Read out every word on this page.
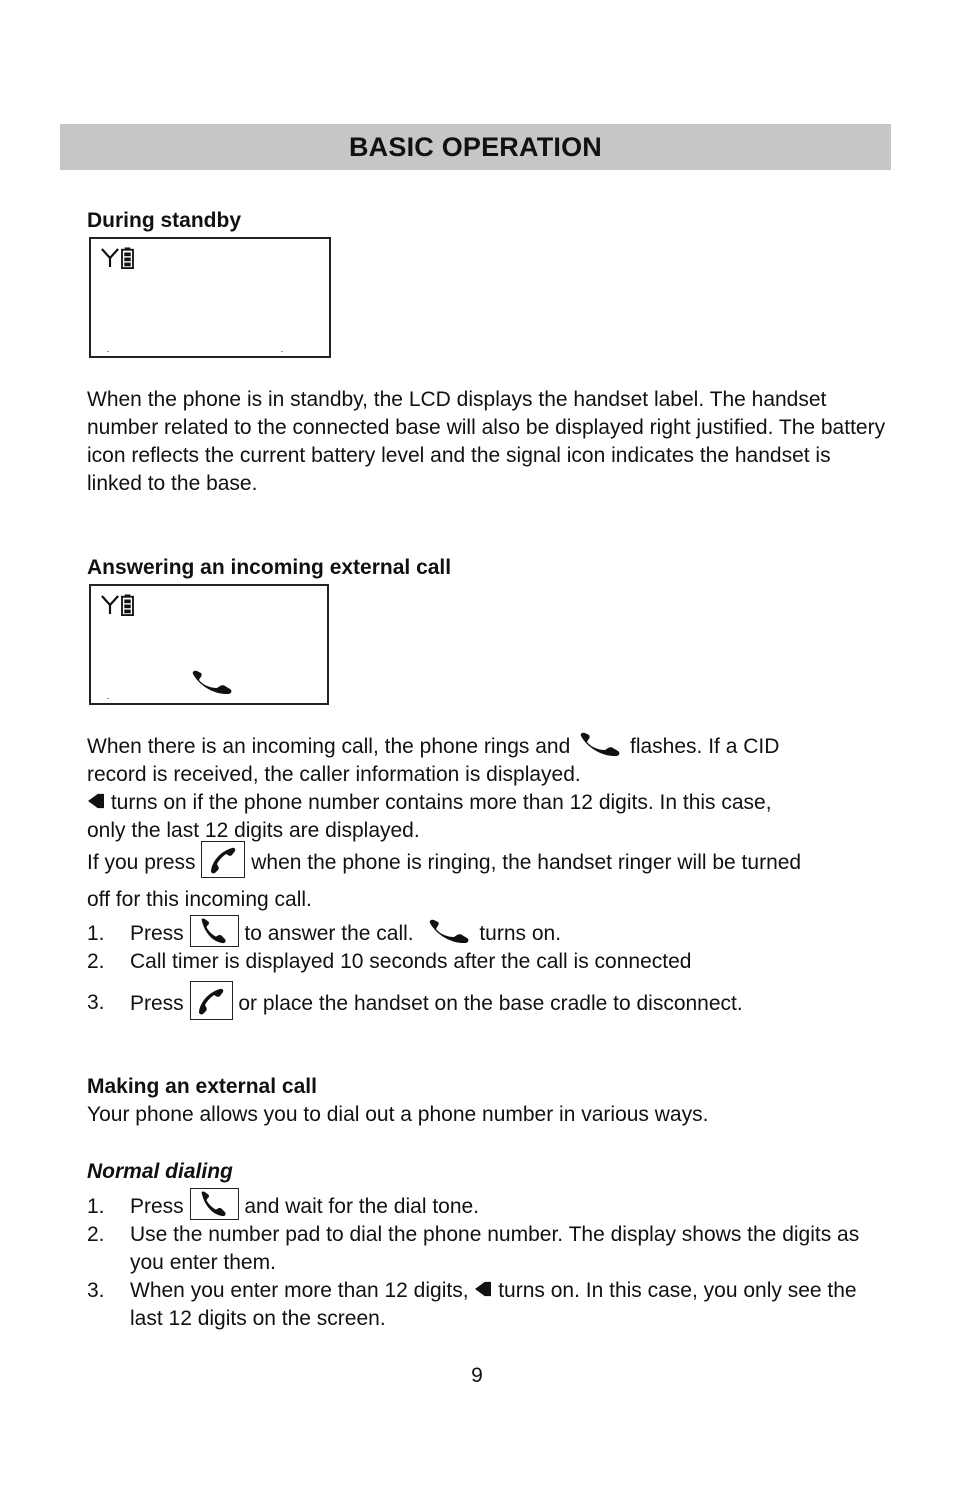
BASIC OPERATION
During standby
When the phone is in standby, the LCD displays the handset label. The handset number related to the connected base will also be displayed right justified. The battery icon reflects the current battery level and the signal icon indicates the handset is linked to the base.
Answering an incoming external call
When there is an incoming call, the phone rings and	flashes. If a CID
record is received, the caller information is displayed.
turns on if the phone number contains more than 12 digits. In this case,
only the last 12 digits are displayed.
If you press	when the phone is ringing, the handset ringer will be turned
off for this incoming call.
1.	Press	to answer the call.	turns on.
2.	Call timer is displayed 10 seconds after the call is connected
3.	Press	or place the handset on the base cradle to disconnect.
Making an external call
Your phone allows you to dial out a phone number in various ways.
Normal dialing
1.	Press	and wait for the dial tone.
2.	Use the number pad to dial the phone number. The display shows the digits as you enter them.
3.	When you enter more than 12 digits, turns on. In this case, you only see the last 12 digits on the screen.
9
